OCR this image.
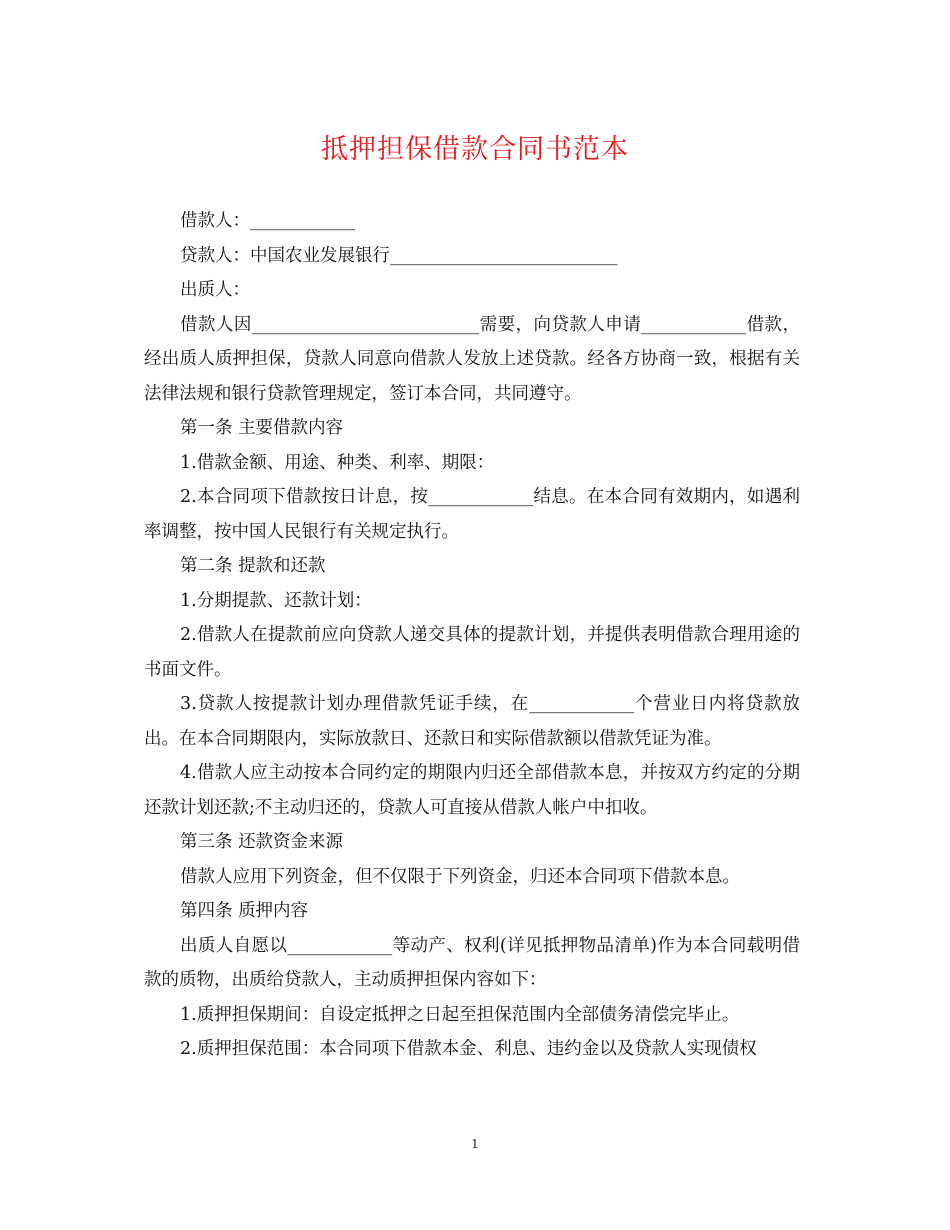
抵押担保借款合同书范本

借款人：____________

贷款人：中国农业发展银行__________________________

出质人：

借款人因__________________________需要，向贷款人申请____________借款，经出质人质押担保，贷款人同意向借款人发放上述贷款。经各方协商一致，根据有关法律法规和银行贷款管理规定，签订本合同，共同遵守。

第一条 主要借款内容

1.借款金额、用途、种类、利率、期限：

2.本合同项下借款按日计息，按____________结息。在本合同有效期内，如遇利率调整，按中国人民银行有关规定执行。

第二条 提款和还款

1.分期提款、还款计划：

2.借款人在提款前应向贷款人递交具体的提款计划，并提供表明借款合理用途的书面文件。

3.贷款人按提款计划办理借款凭证手续，在____________个营业日内将贷款放出。在本合同期限内，实际放款日、还款日和实际借款额以借款凭证为准。

4.借款人应主动按本合同约定的期限内归还全部借款本息，并按双方约定的分期还款计划还款;不主动归还的，贷款人可直接从借款人帐户中扣收。

第三条 还款资金来源

借款人应用下列资金，但不仅限于下列资金，归还本合同项下借款本息。

第四条 质押内容

出质人自愿以____________等动产、权利(详见抵押物品清单)作为本合同载明借款的质物，出质给贷款人，主动质押担保内容如下：

1.质押担保期间：自设定抵押之日起至担保范围内全部债务清偿完毕止。

2.质押担保范围：本合同项下借款本金、利息、违约金以及贷款人实现债权

1
